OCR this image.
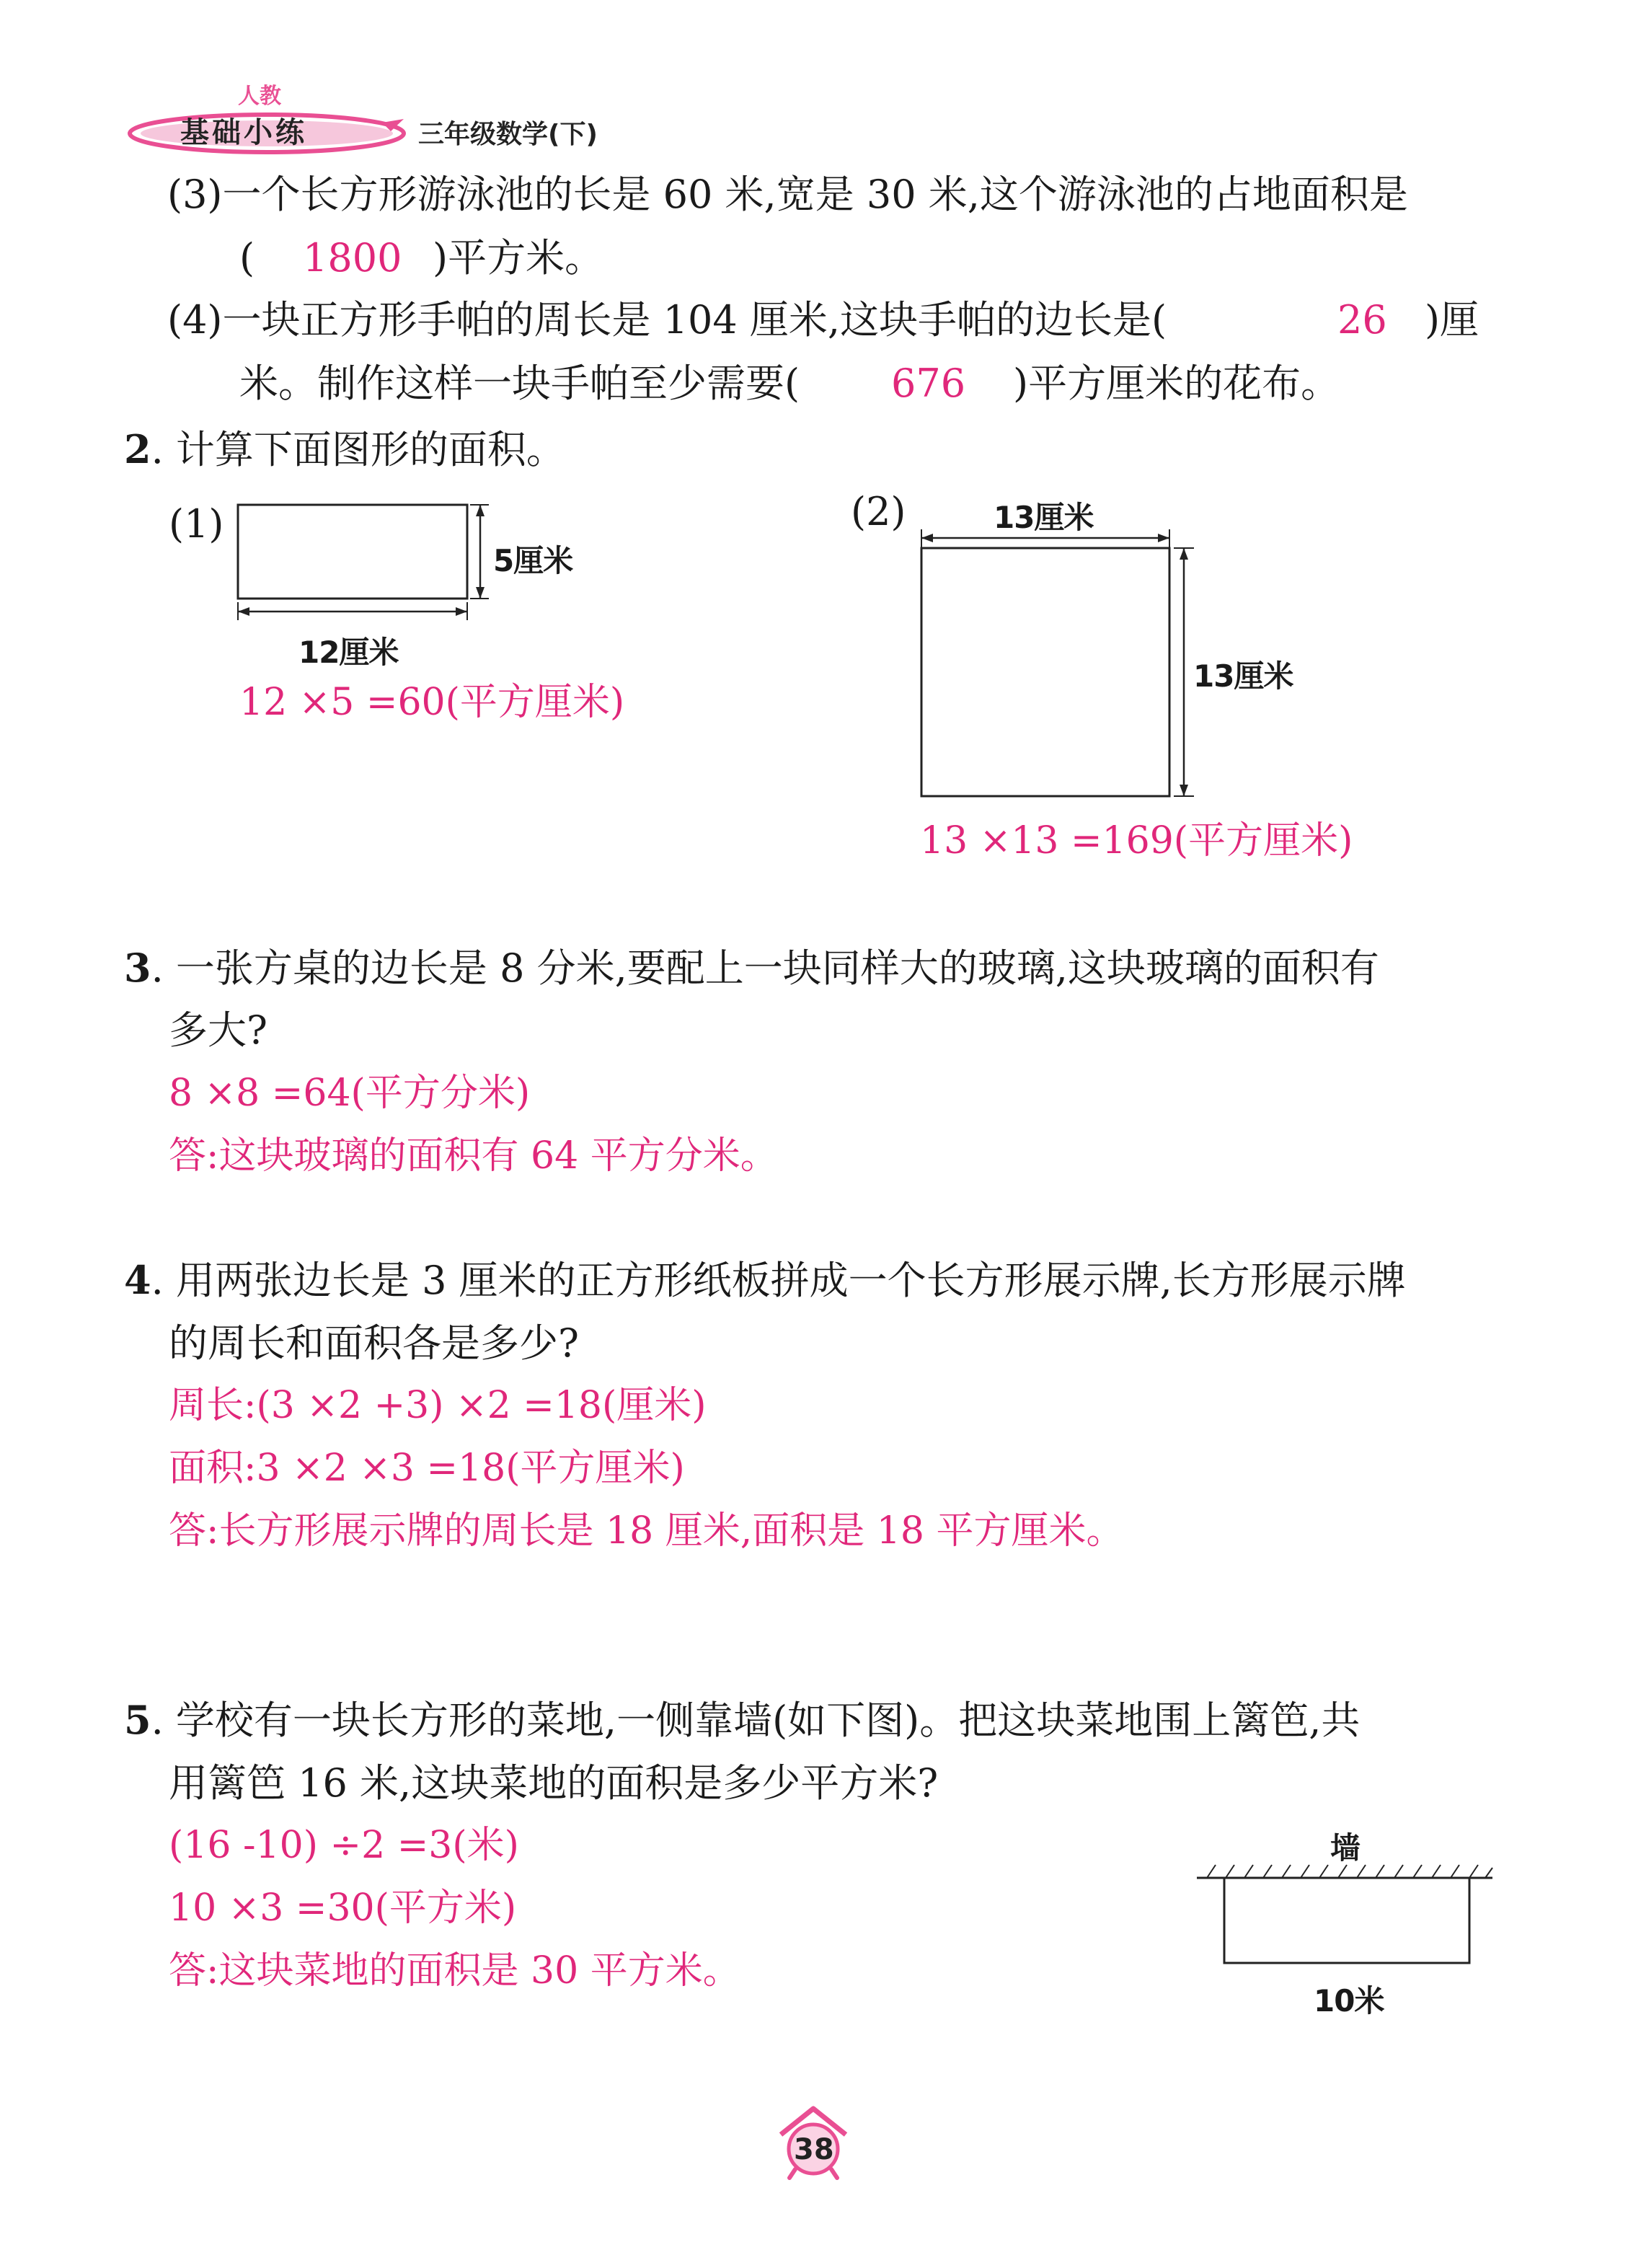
人教
基础小练	三年级数学(下)
(3)一个长方形游泳池的长是 60 米,宽是 30 米,这个游泳池的占地面积是
( 1800 )平方米。
(4)一块正方形手帕的周长是 104 厘米,这块手帕的边长是(	26 )厘
米。制作这样一块手帕至少需要( 676 )平方厘米的花布。
2. 计算下面图形的面积。
(1)
5厘米
12厘米
12 ×5 =60(平方厘米)
(2)	13厘米
13厘米
13 ×13 =169(平方厘米)
3. 一张方桌的边长是 8 分米,要配上一块同样大的玻璃,这块玻璃的面积有
多大?
8 ×8 =64(平方分米)
答:这块玻璃的面积有 64 平方分米。
4. 用两张边长是 3 厘米的正方形纸板拼成一个长方形展示牌,长方形展示牌
的周长和面积各是多少?
周长:(3 ×2 +3) ×2 =18(厘米)
面积:3 ×2 ×3 =18(平方厘米)
答:长方形展示牌的周长是 18 厘米,面积是 18 平方厘米。
5. 学校有一块长方形的菜地,一侧靠墙(如下图)。把这块菜地围上篱笆,共
用篱笆 16 米,这块菜地的面积是多少平方米?
(16 -10) ÷2 =3(米)
10 ×3 =30(平方米)
答:这块菜地的面积是 30 平方米。
墙
10米
38
